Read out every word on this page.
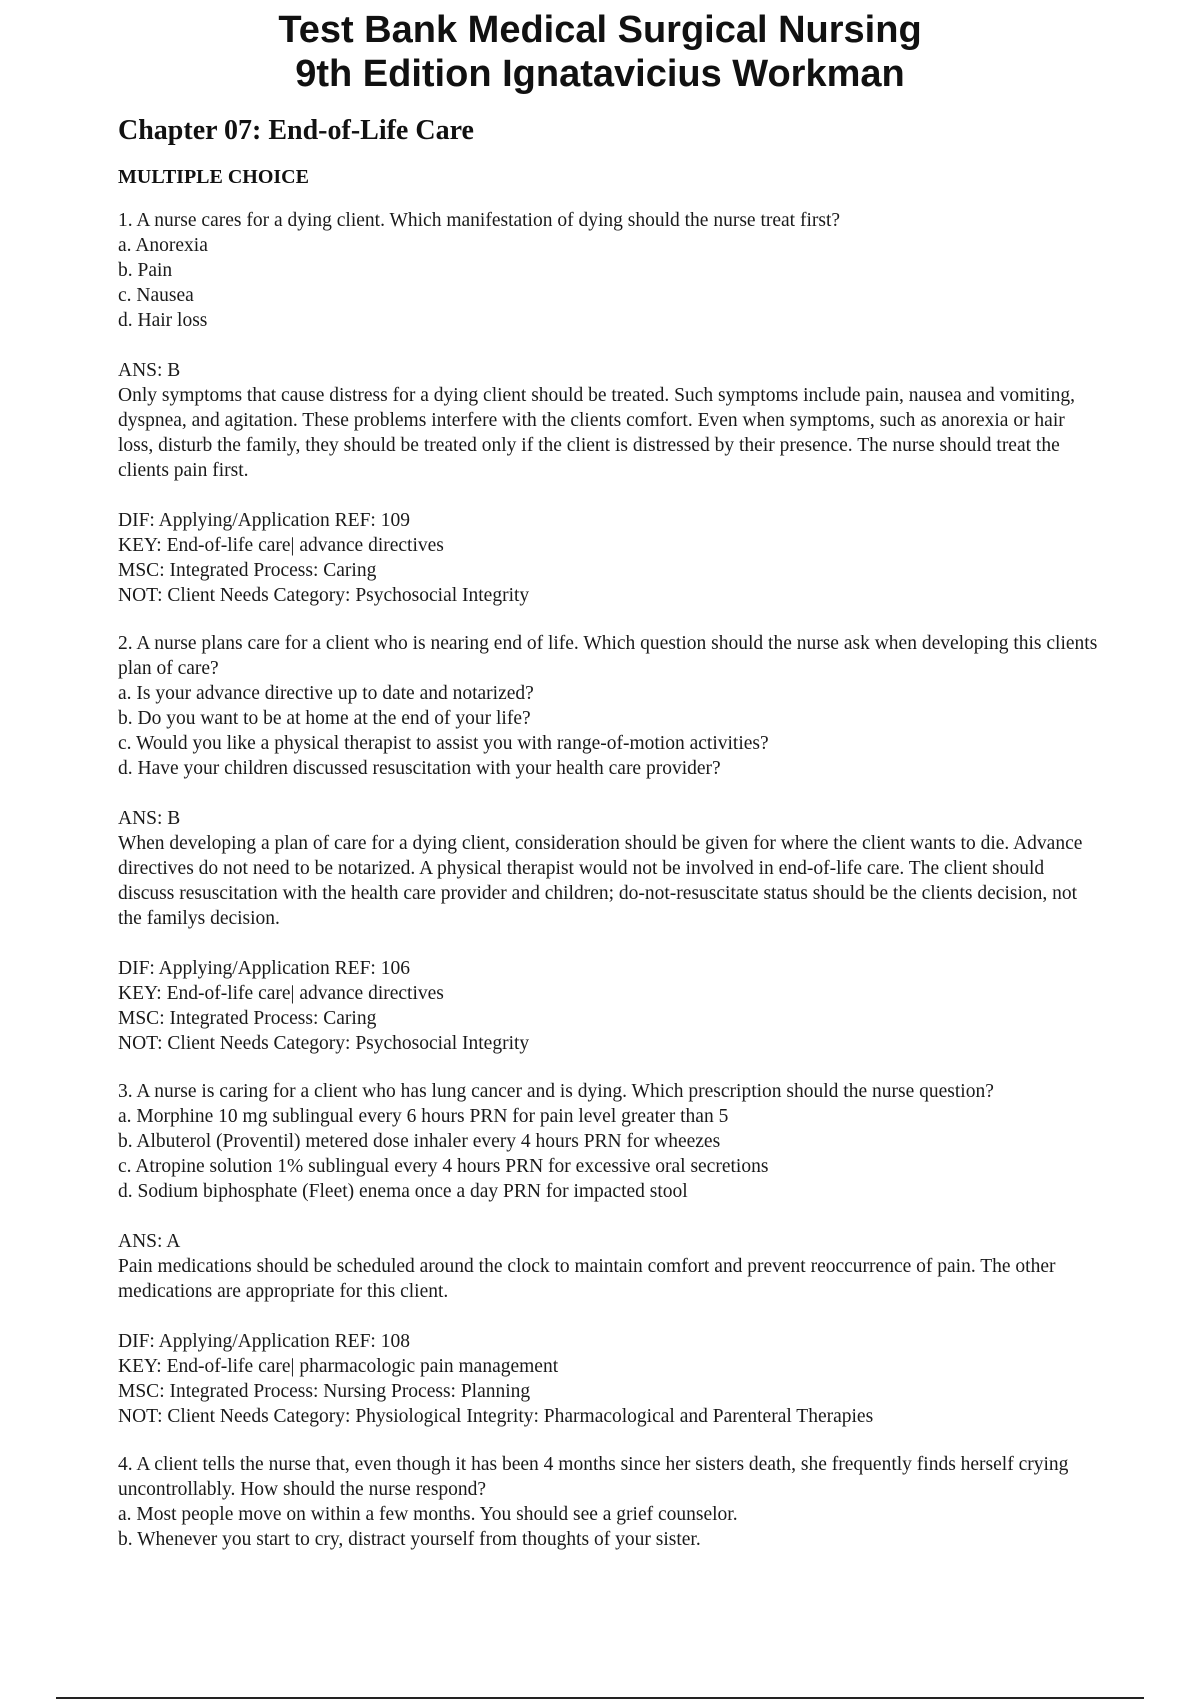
Test Bank Medical Surgical Nursing
9th Edition Ignatavicius Workman
Chapter 07: End-of-Life Care
MULTIPLE CHOICE
1. A nurse cares for a dying client. Which manifestation of dying should the nurse treat first?
a. Anorexia
b. Pain
c. Nausea
d. Hair loss
ANS: B
Only symptoms that cause distress for a dying client should be treated. Such symptoms include pain, nausea and vomiting, dyspnea, and agitation. These problems interfere with the clients comfort. Even when symptoms, such as anorexia or hair loss, disturb the family, they should be treated only if the client is distressed by their presence. The nurse should treat the clients pain first.
DIF: Applying/Application REF: 109
KEY: End-of-life care| advance directives
MSC: Integrated Process: Caring
NOT: Client Needs Category: Psychosocial Integrity
2. A nurse plans care for a client who is nearing end of life. Which question should the nurse ask when developing this clients plan of care?
a. Is your advance directive up to date and notarized?
b. Do you want to be at home at the end of your life?
c. Would you like a physical therapist to assist you with range-of-motion activities?
d. Have your children discussed resuscitation with your health care provider?
ANS: B
When developing a plan of care for a dying client, consideration should be given for where the client wants to die. Advance directives do not need to be notarized. A physical therapist would not be involved in end-of-life care. The client should discuss resuscitation with the health care provider and children; do-not-resuscitate status should be the clients decision, not the familys decision.
DIF: Applying/Application REF: 106
KEY: End-of-life care| advance directives
MSC: Integrated Process: Caring
NOT: Client Needs Category: Psychosocial Integrity
3. A nurse is caring for a client who has lung cancer and is dying. Which prescription should the nurse question?
a. Morphine 10 mg sublingual every 6 hours PRN for pain level greater than 5
b. Albuterol (Proventil) metered dose inhaler every 4 hours PRN for wheezes
c. Atropine solution 1% sublingual every 4 hours PRN for excessive oral secretions
d. Sodium biphosphate (Fleet) enema once a day PRN for impacted stool
ANS: A
Pain medications should be scheduled around the clock to maintain comfort and prevent reoccurrence of pain. The other medications are appropriate for this client.
DIF: Applying/Application REF: 108
KEY: End-of-life care| pharmacologic pain management
MSC: Integrated Process: Nursing Process: Planning
NOT: Client Needs Category: Physiological Integrity: Pharmacological and Parenteral Therapies
4. A client tells the nurse that, even though it has been 4 months since her sisters death, she frequently finds herself crying uncontrollably. How should the nurse respond?
a. Most people move on within a few months. You should see a grief counselor.
b. Whenever you start to cry, distract yourself from thoughts of your sister.
